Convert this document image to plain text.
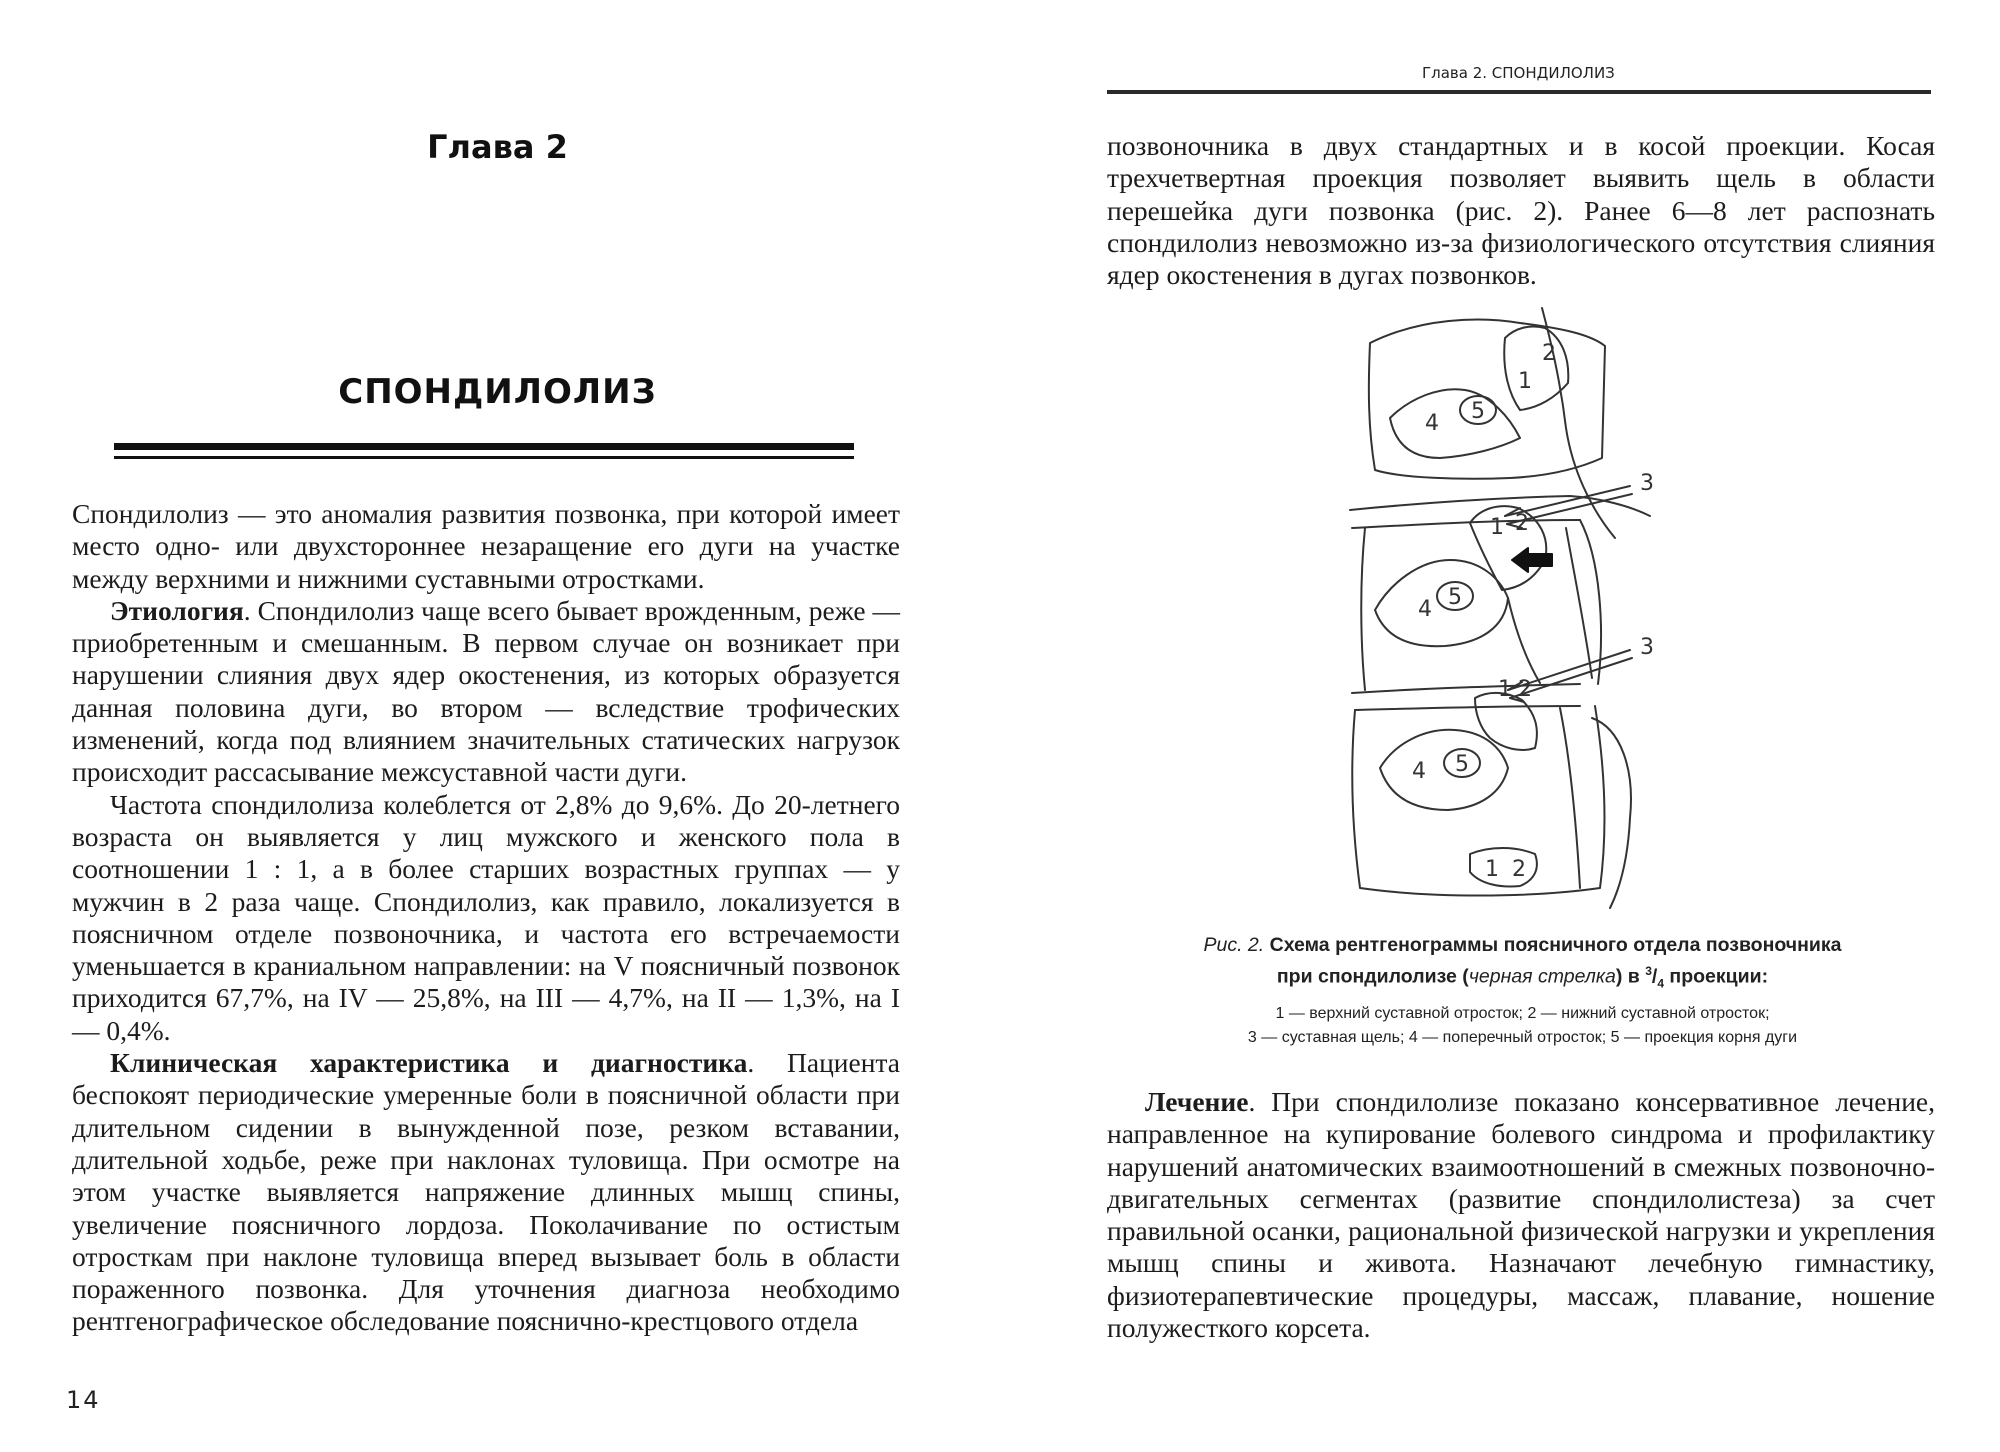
Глава 2
СПОНДИЛОЛИЗ

Спондилолиз — это аномалия развития позвонка, при которой имеет место одно- или двухстороннее незаращение его дуги на участке между верхними и нижними суставными отростками.

Этиология. Спондилолиз чаще всего бывает врожденным, реже — приобретенным и смешанным. В первом случае он возникает при нарушении слияния двух ядер окостенения, из которых образуется данная половина дуги, во втором — вследствие трофических изменений, когда под влиянием значительных статических нагрузок происходит рассасывание межсуставной части дуги.

Частота спондилолиза колеблется от 2,8% до 9,6%. До 20-летнего возраста он выявляется у лиц мужского и женского пола в соотношении 1 : 1, а в более старших возрастных группах — у мужчин в 2 раза чаще. Спондилолиз, как правило, локализуется в поясничном отделе позвоночника, и частота его встречаемости уменьшается в краниальном направлении: на V поясничный позвонок приходится 67,7%, на IV — 25,8%, на III — 4,7%, на II — 1,3%, на I — 0,4%.

Клиническая характеристика и диагностика. Пациента беспокоят периодические умеренные боли в поясничной области при длительном сидении в вынужденной позе, резком вставании, длительной ходьбе, реже при наклонах туловища. При осмотре на этом участке выявляется напряжение длинных мышц спины, увеличение поясничного лордоза. Поколачивание по остистым отросткам при наклоне туловища вперед вызывает боль в области пораженного позвонка. Для уточнения диагноза необходимо рентгенографическое обследование пояснично-крестцового отдела

14
Глава 2. СПОНДИЛОЛИЗ

позвоночника в двух стандартных и в косой проекции. Косая трехчетвертная проекция позволяет выявить щель в области перешейка дуги позвонка (рис. 2). Ранее 6—8 лет распознать спондилолиз невозможно из-за физиологического отсутствия слияния ядер окостенения в дугах позвонков.

1
2
4 5
3
1 2
4 5
3
1 2
4 5
1 2
Рис. 2. Схема рентгенограммы поясничного отдела позвоночника
при спондилолизе (черная стрелка) в $^3/_4$ проекции:
1 — верхний суставной отросток; 2 — нижний суставной отросток;
3 — суставная щель; 4 — поперечный отросток; 5 — проекция корня дуги

Лечение. При спондилолизе показано консервативное лечение, направленное на купирование болевого синдрома и профилактику нарушений анатомических взаимоотношений в смежных позвоночно-двигательных сегментах (развитие спондилолистеза) за счет правильной осанки, рациональной физической нагрузки и укрепления мышц спины и живота. Назначают лечебную гимнастику, физиотерапевтические процедуры, массаж, плавание, ношение полужесткого корсета.
